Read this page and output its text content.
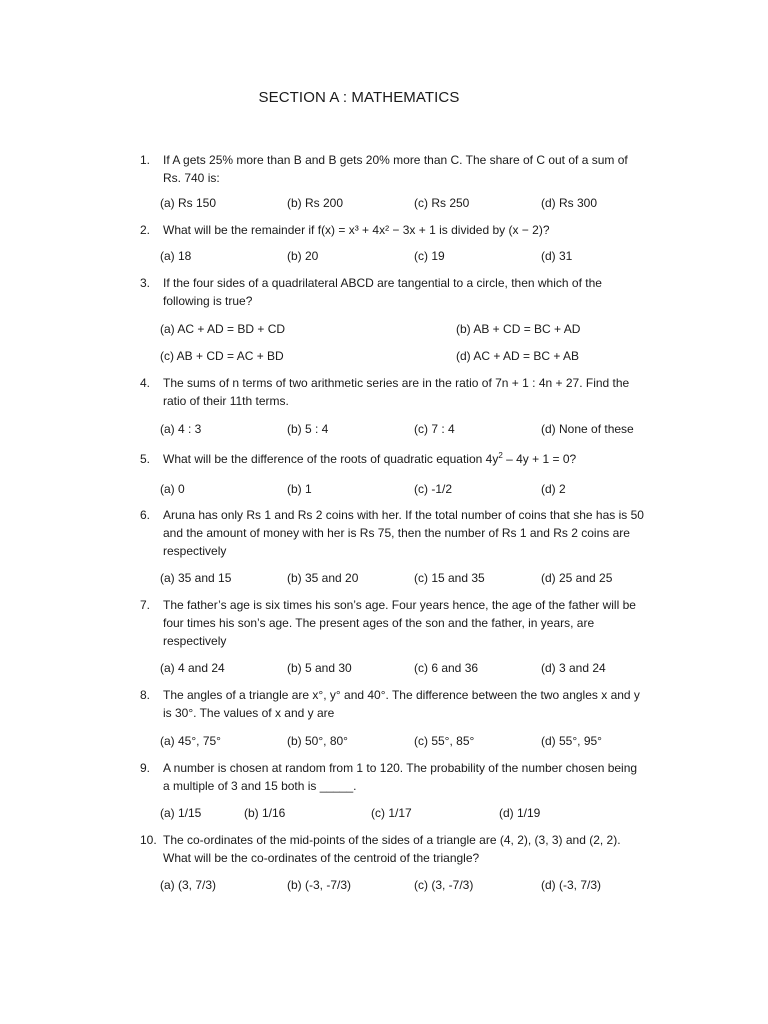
SECTION A : MATHEMATICS
1. If A gets 25% more than B and B gets 20% more than C. The share of C out of a sum of Rs. 740 is:
(a) Rs 150	(b) Rs 200	(c) Rs 250	(d) Rs 300
2. What will be the remainder if f(x) = x³ + 4x² − 3x + 1 is divided by (x − 2)?
(a) 18	(b) 20	(c) 19	(d) 31
3. If the four sides of a quadrilateral ABCD are tangential to a circle, then which of the following is true?
(a) AC + AD = BD + CD	(b) AB + CD = BC + AD
(c) AB + CD = AC + BD	(d) AC + AD = BC + AB
4. The sums of n terms of two arithmetic series are in the ratio of 7n + 1 : 4n + 27. Find the ratio of their 11th terms.
(a) 4 : 3	(b) 5 : 4	(c) 7 : 4	(d) None of these
5. What will be the difference of the roots of quadratic equation $4y^2 - 4y + 1 = 0$?
(a) 0	(b) 1	(c) -1/2	(d) 2
6. Aruna has only Rs 1 and Rs 2 coins with her. If the total number of coins that she has is 50 and the amount of money with her is Rs 75, then the number of Rs 1 and Rs 2 coins are respectively
(a) 35 and 15	(b) 35 and 20	(c) 15 and 35	(d) 25 and 25
7. The father’s age is six times his son’s age. Four years hence, the age of the father will be four times his son’s age. The present ages of the son and the father, in years, are respectively
(a) 4 and 24	(b) 5 and 30	(c) 6 and 36	(d) 3 and 24
8. The angles of a triangle are x°, y° and 40°. The difference between the two angles x and y is 30°. The values of x and y are
(a) 45°, 75°	(b) 50°, 80°	(c) 55°, 85°	(d) 55°, 95°
9. A number is chosen at random from 1 to 120. The probability of the number chosen being a multiple of 3 and 15 both is _____.
(a) 1/15	(b) 1/16	(c) 1/17	(d) 1/19
10. The co-ordinates of the mid-points of the sides of a triangle are (4, 2), (3, 3) and (2, 2). What will be the co-ordinates of the centroid of the triangle?
(a) (3, 7/3)	(b) (-3, -7/3)	(c) (3, -7/3)	(d) (-3, 7/3)
